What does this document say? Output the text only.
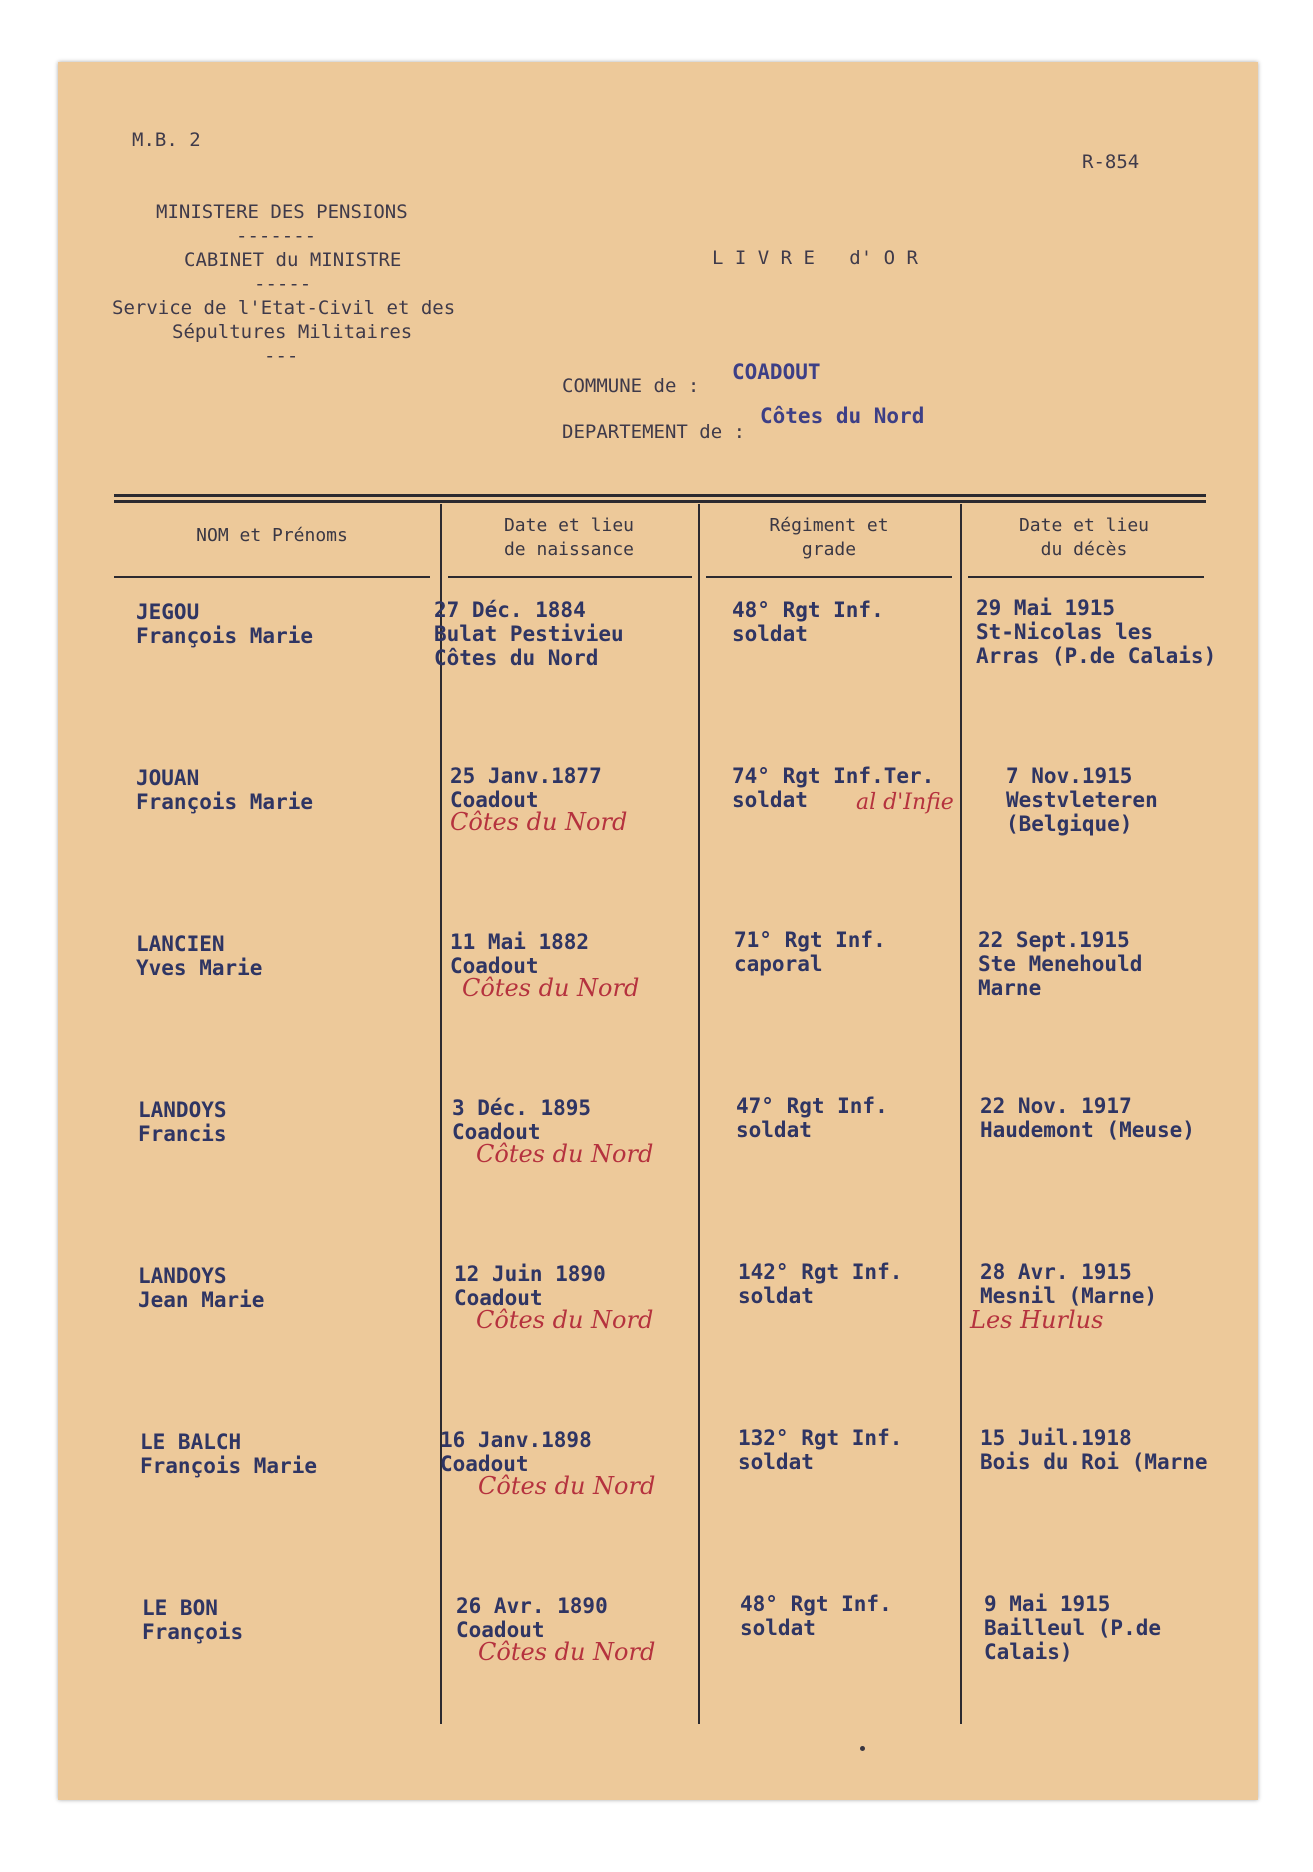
M.B. 2
R-854
MINISTERE DES PENSIONS
-------
CABINET du MINISTRE
-----
Service de l'Etat-Civil et des
Sépultures Militaires
---
L I V R E   d' O R
COMMUNE de :
COADOUT
DEPARTEMENT de :
Côtes du Nord
NOM et Prénoms	Date et lieu
de naissance
Régiment et
grade
Date et lieu
du décès
JEGOU
François Marie
27 Déc. 1884
Bulat Pestivieu
Côtes du Nord
48° Rgt Inf.
soldat
29 Mai 1915
St-Nicolas les
Arras (P.de Calais)
JOUAN
François Marie
25 Janv.1877
Coadout
Côtes du Nord
74° Rgt Inf.Ter.
soldat	al d'Infie
7 Nov.1915
Westvleteren
(Belgique)
LANCIEN
Yves Marie
11 Mai 1882
Coadout
Côtes du Nord
71° Rgt Inf.
caporal
22 Sept.1915
Ste Menehould
Marne
LANDOYS
Francis
3 Déc. 1895
Coadout
Côtes du Nord
47° Rgt Inf.
soldat
22 Nov. 1917
Haudemont (Meuse)
LANDOYS
Jean Marie
12 Juin 1890
Coadout
Côtes du Nord
142° Rgt Inf.
soldat
28 Avr. 1915
Mesnil (Marne)
Les Hurlus
LE BALCH
François Marie
16 Janv.1898
Coadout
Côtes du Nord
132° Rgt Inf.
soldat
15 Juil.1918
Bois du Roi (Marne
LE BON
François
26 Avr. 1890
Coadout
Côtes du Nord
48° Rgt Inf.
soldat
9 Mai 1915
Bailleul (P.de
Calais)
